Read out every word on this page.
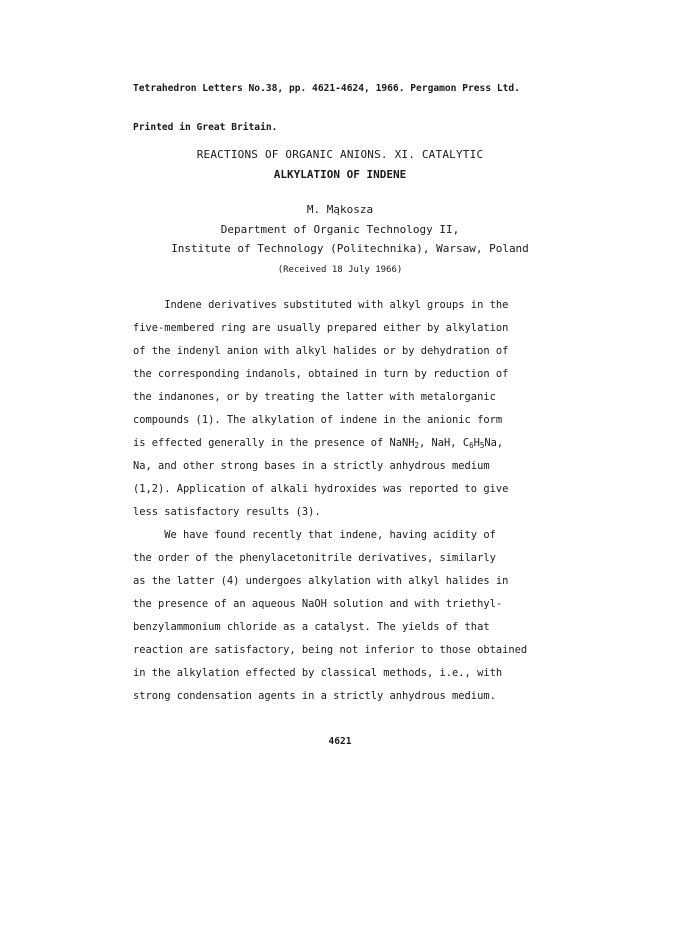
Tetrahedron Letters No.38, pp. 4621-4624, 1966. Pergamon Press Ltd.

Printed in Great Britain.

REACTIONS OF ORGANIC ANIONS. XI. CATALYTIC
ALKYLATION OF INDENE
M. Mąkosza
Department of Organic Technology II,
Institute of Technology (Politechnika), Warsaw, Poland
(Received 18 July 1966)
Indene derivatives substituted with alkyl groups in the
five-membered ring are usually prepared either by alkylation
of the indenyl anion with alkyl halides or by dehydration of
the corresponding indanols, obtained in turn by reduction of
the indanones, or by treating the latter with metalorganic
compounds (1). The alkylation of indene in the anionic form
is effected generally in the presence of NaNH$_2$, NaH, $C_6H_5Na$,
Na, and other strong bases in a strictly anhydrous medium
(1,2). Application of alkali hydroxides was reported to give
less satisfactory results (3).
We have found recently that indene, having acidity of
the order of the phenylacetonitrile derivatives, similarly
as the latter (4) undergoes alkylation with alkyl halides in
the presence of an aqueous NaOH solution and with triethyl-
benzylammonium chloride as a catalyst. The yields of that
reaction are satisfactory, being not inferior to those obtained
in the alkylation effected by classical methods, i.e., with
strong condensation agents in a strictly anhydrous medium.
4621
